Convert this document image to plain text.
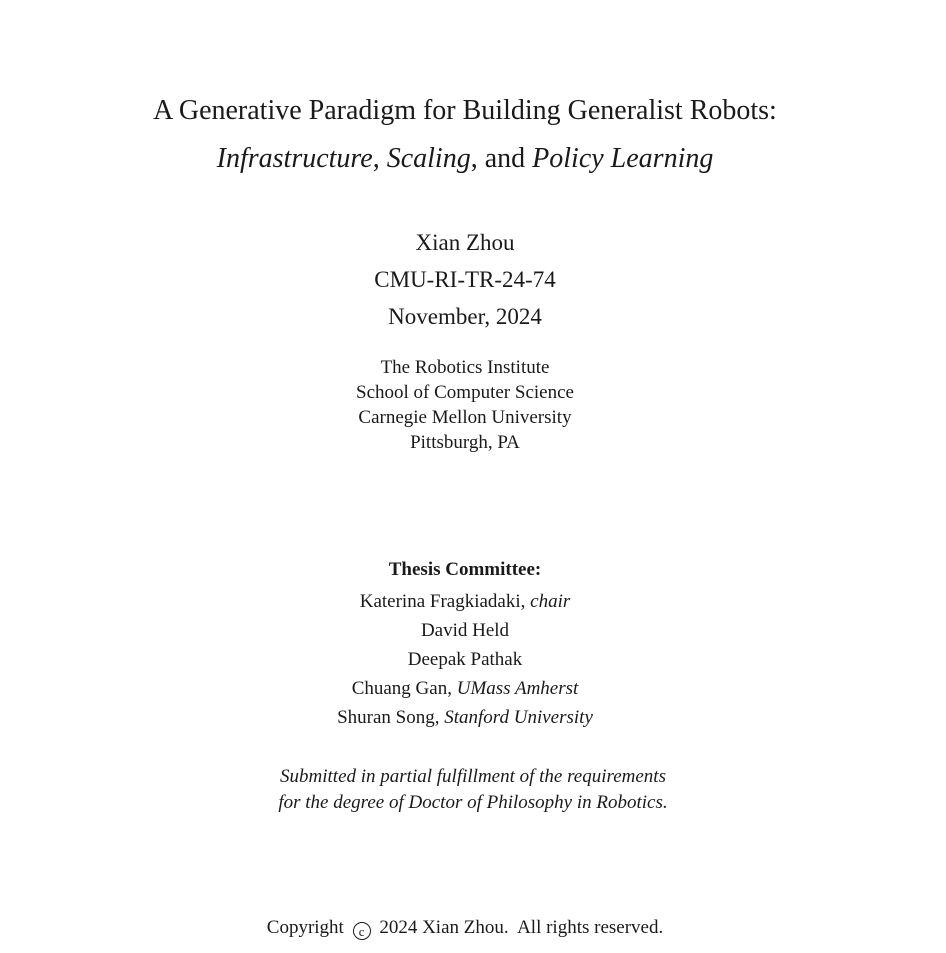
A Generative Paradigm for Building Generalist Robots:
Infrastructure, Scaling, and Policy Learning
Xian Zhou
CMU-RI-TR-24-74
November, 2024
The Robotics Institute
School of Computer Science
Carnegie Mellon University
Pittsburgh, PA
Thesis Committee:
Katerina Fragkiadaki, chair
David Held
Deepak Pathak
Chuang Gan, UMass Amherst
Shuran Song, Stanford University
Submitted in partial fulfillment of the requirements
for the degree of Doctor of Philosophy in Robotics.
Copyright c 2024 Xian Zhou.  All rights reserved.
